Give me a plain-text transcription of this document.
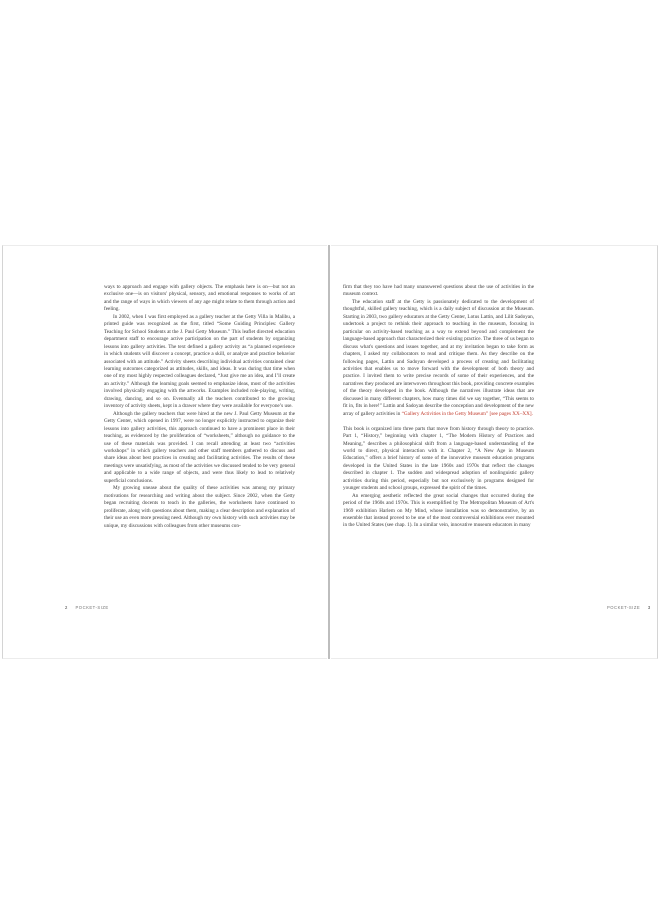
ways to approach and engage with gallery objects. The emphasis here is on—but not an exclusive one—is on visitors' physical, sensory, and emotional responses to works of art and the range of ways in which viewers of any age might relate to them through action and feeling.

In 2002, when I was first employed as a gallery teacher at the Getty Villa in Malibu, a printed guide was recognized as the first, titled “Some Guiding Principles: Gallery Teaching for School Students at the J. Paul Getty Museum.” This leaflet directed education department staff to encourage active participation on the part of students by organizing lessons into gallery activities. The text defined a gallery activity as “a planned experience in which students will discover a concept, practice a skill, or analyze and practice behavior associated with an attitude.” Activity sheets describing individual activities contained clear learning outcomes categorized as attitudes, skills, and ideas. It was during that time when one of my most highly respected colleagues declared, “Just give me an idea, and I’ll create an activity.” Although the learning goals seemed to emphasize ideas, most of the activities involved physically engaging with the artworks. Examples included role-playing, writing, drawing, dancing, and so on. Eventually all the teachers contributed to the growing inventory of activity sheets, kept in a drawer where they were available for everyone’s use.

Although the gallery teachers that were hired at the new J. Paul Getty Museum at the Getty Center, which opened in 1997, were no longer explicitly instructed to organize their lessons into gallery activities, this approach continued to have a prominent place in their teaching, as evidenced by the proliferation of “worksheets,” although no guidance to the use of these materials was provided. I can recall attending at least two “activities workshops” in which gallery teachers and other staff members gathered to discuss and share ideas about best practices in creating and facilitating activities. The results of these meetings were unsatisfying, as most of the activities we discussed tended to be very general and applicable to a wide range of objects, and were thus likely to lead to relatively superficial conclusions.

My growing unease about the quality of these activities was among my primary motivations for researching and writing about the subject. Since 2002, when the Getty began recruiting docents to teach in the galleries, the worksheets have continued to proliferate, along with questions about them, making a clear description and explanation of their use an even more pressing need. Although my own history with such activities may be unique, my discussions with colleagues from other museums con-

2 POCKET-SIZE

firm that they too have had many unanswered questions about the use of activities in the museum context.

The education staff at the Getty is passionately dedicated to the development of thoughtful, skilled gallery teaching, which is a daily subject of discussion at the Museum. Starting in 2003, two gallery educators at the Getty Center, Lotus Lattin, and Lilit Sadoyan, undertook a project to rethink their approach to teaching in the museum, focusing in particular on activity-based teaching as a way to extend beyond and complement the language-based approach that characterized their existing practice. The three of us began to discuss what's questions and issues together, and at my invitation began to take form as chapters, I asked my collaborators to read and critique them. As they describe on the following pages, Lattin and Sadoyan developed a process of creating and facilitating activities that enables us to move forward with the development of both theory and practice. I invited them to write precise records of some of their experiences, and the narratives they produced are interwoven throughout this book, providing concrete examples of the theory developed in the book. Although the narratives illustrate ideas that are discussed in many different chapters, how many times did we say together, “This seems to fit in, fits in here!” Lattin and Sadoyan describe the conception and development of the new array of gallery activities in “Gallery Activities in the Getty Museum” [see pages XX–XX].

This book is organized into three parts that move from history through theory to practice. Part 1, “History,” beginning with chapter 1, “The Modern History of Practices and Meaning,” describes a philosophical shift from a language-based understanding of the world to direct, physical interaction with it. Chapter 2, “A New Age in Museum Education,” offers a brief history of some of the innovative museum education programs developed in the United States in the late 1960s and 1970s that reflect the changes described in chapter 1. The sudden and widespread adoption of nonlinguistic gallery activities during this period, especially but not exclusively in programs designed for younger students and school groups, expressed the spirit of the times.

An emerging aesthetic reflected the great social changes that occurred during the period of the 1960s and 1970s. This is exemplified by The Metropolitan Museum of Art's 1969 exhibition Harlem on My Mind, whose installation was so demonstrative, by an ensemble that instead proved to be one of the most controversial exhibitions ever mounted in the United States (see chap. 1). In a similar vein, innovative museum educators in many

POCKET-SIZE 3
